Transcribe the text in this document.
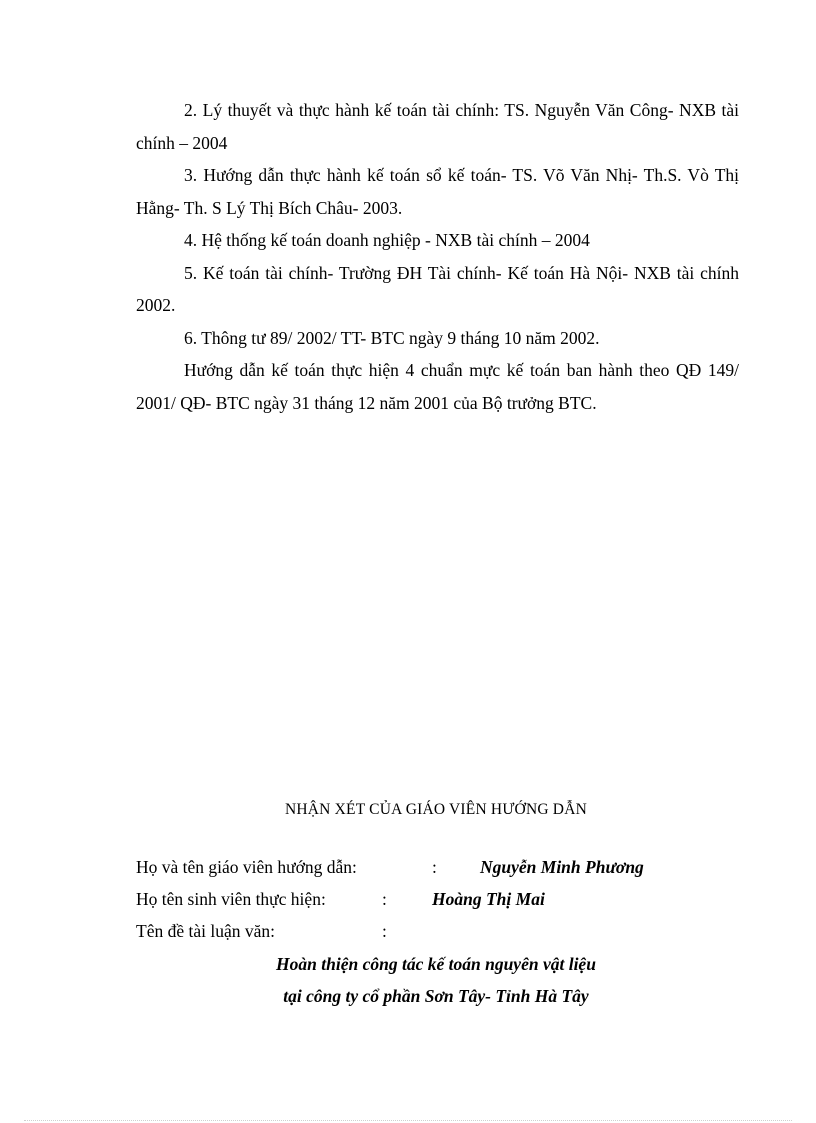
2. Lý thuyết và thực hành kế toán tài chính: TS. Nguyễn Văn Công- NXB tài chính – 2004

3. Hướng dẫn thực hành kế toán sổ kế toán- TS. Võ Văn Nhị- Th.S. Vò Thị Hằng- Th. S Lý Thị Bích Châu- 2003.

4. Hệ thống kế toán doanh nghiệp - NXB tài chính – 2004

5. Kế toán tài chính- Trường ĐH Tài chính- Kế toán Hà Nội- NXB tài chính 2002.

6. Thông tư 89/ 2002/ TT- BTC ngày 9 tháng 10 năm 2002.

Hướng dẫn kế toán thực hiện 4 chuẩn mực kế toán ban hành theo QĐ 149/ 2001/ QĐ- BTC ngày 31 tháng 12 năm 2001 của Bộ trưởng BTC.

NHẬN XÉT CỦA GIÁO VIÊN HƯỚNG DẪN
Họ và tên giáo viên hướng dẫn:	: Nguyễn Minh Phương
Họ tên sinh viên thực hiện:	:	Hoàng Thị Mai
Tên đề tài luận văn:	:
Hoàn thiện công tác kế toán nguyên vật liệu
tại công ty cổ phần Sơn Tây- Tỉnh Hà Tây
